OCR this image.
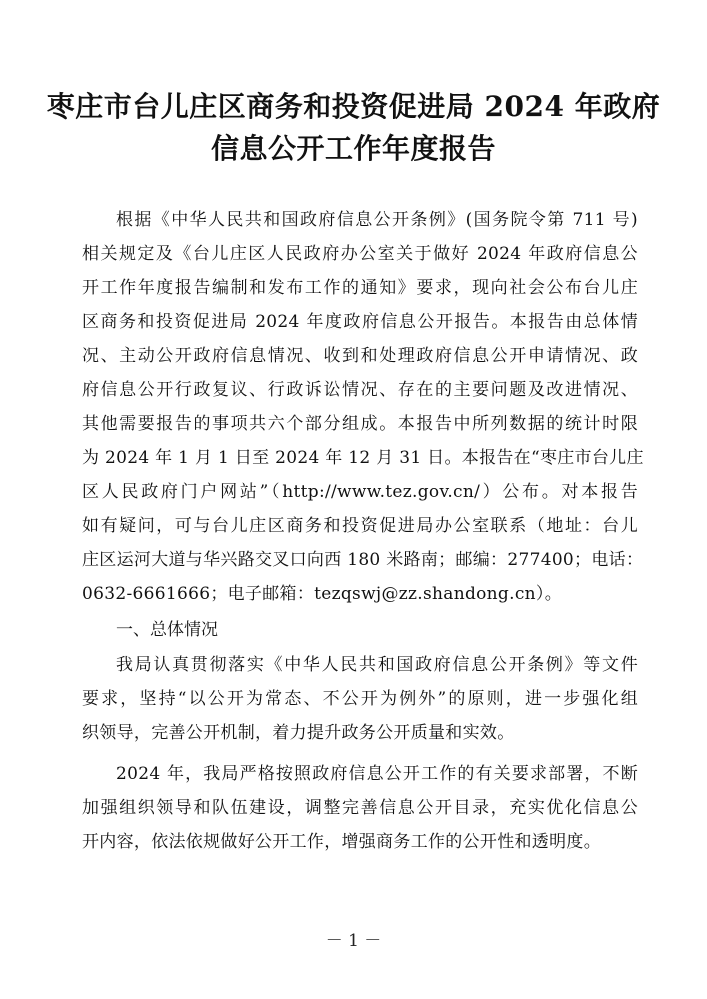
枣庄市台儿庄区商务和投资促进局 2024 年政府
信息公开工作年度报告
根据《中华人民共和国政府信息公开条例》(国务院令第 711 号)
相关规定及《台儿庄区人民政府办公室关于做好 2024 年政府信息公
开工作年度报告编制和发布工作的通知》要求，现向社会公布台儿庄
区商务和投资促进局 2024 年度政府信息公开报告。本报告由总体情
况、主动公开政府信息情况、收到和处理政府信息公开申请情况、政
府信息公开行政复议、行政诉讼情况、存在的主要问题及改进情况、
其他需要报告的事项共六个部分组成。本报告中所列数据的统计时限
为 2024 年 1 月 1 日至 2024 年 12 月 31 日。本报告在“枣庄市台儿庄
区人民政府门户网站”（http://www.tez.gov.cn/）公布。对本报告
如有疑问，可与台儿庄区商务和投资促进局办公室联系（地址：台儿
庄区运河大道与华兴路交叉口向西 180 米路南；邮编：277400；电话：
0632-6661666；电子邮箱：tezqswj@zz.shandong.cn）。
一、总体情况
我局认真贯彻落实《中华人民共和国政府信息公开条例》等文件
要求，坚持“以公开为常态、不公开为例外”的原则，进一步强化组
织领导，完善公开机制，着力提升政务公开质量和实效。
2024 年，我局严格按照政府信息公开工作的有关要求部署，不断
加强组织领导和队伍建设，调整完善信息公开目录，充实优化信息公
开内容，依法依规做好公开工作，增强商务工作的公开性和透明度。
－ 1 －
